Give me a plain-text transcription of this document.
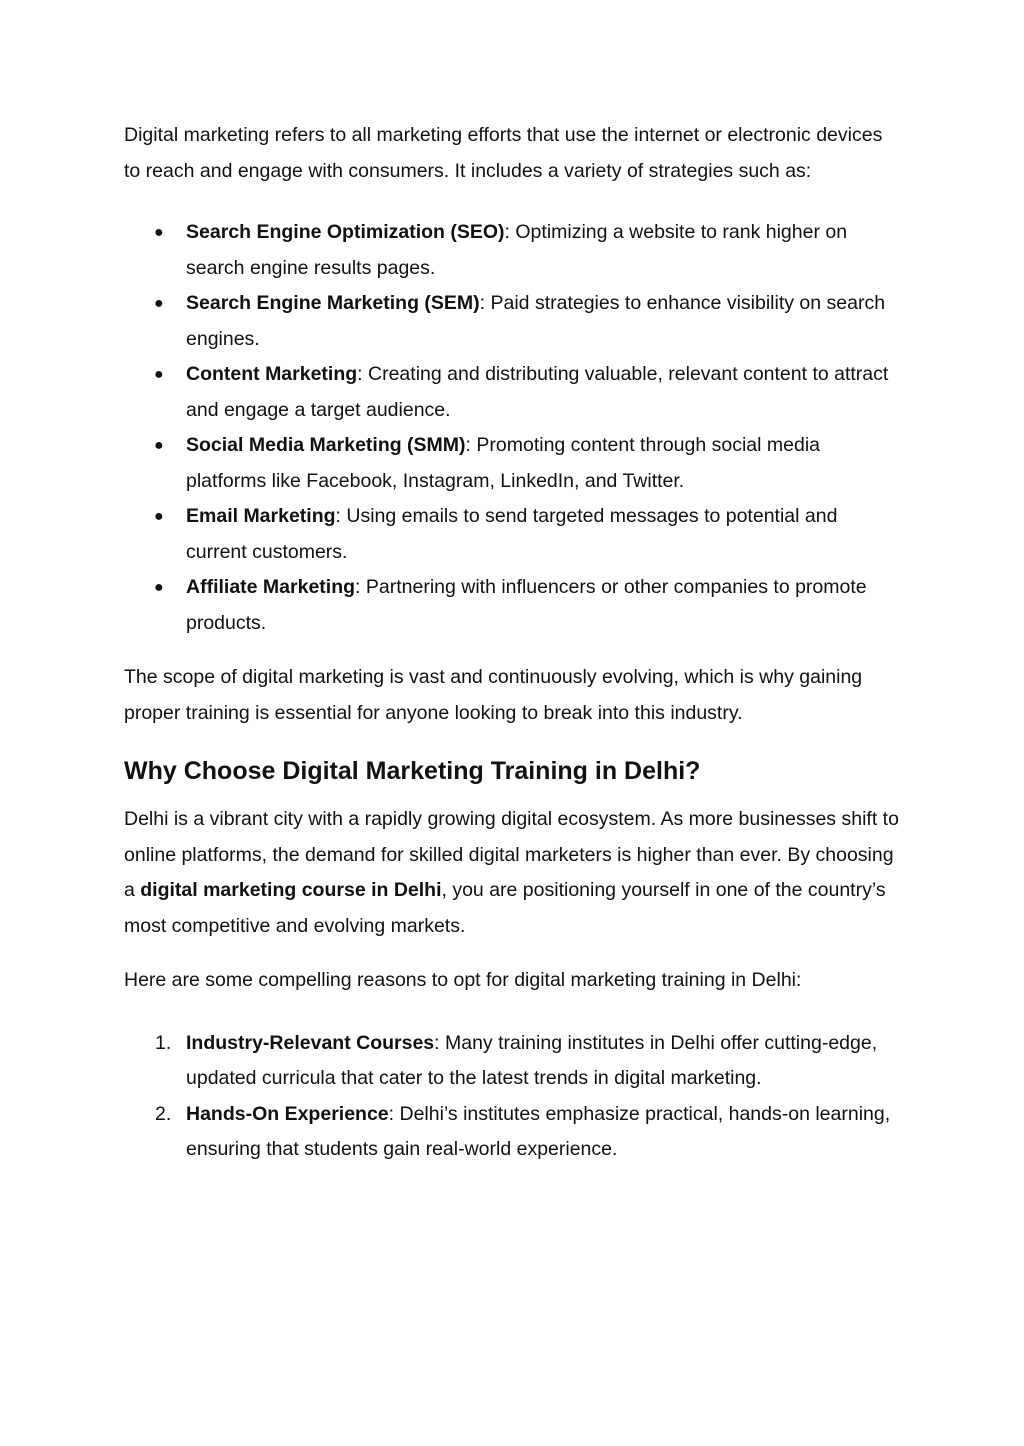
Digital marketing refers to all marketing efforts that use the internet or electronic devices to reach and engage with consumers. It includes a variety of strategies such as:

● Search Engine Optimization (SEO): Optimizing a website to rank higher on search engine results pages.
● Search Engine Marketing (SEM): Paid strategies to enhance visibility on search engines.
● Content Marketing: Creating and distributing valuable, relevant content to attract and engage a target audience.
● Social Media Marketing (SMM): Promoting content through social media platforms like Facebook, Instagram, LinkedIn, and Twitter.
● Email Marketing: Using emails to send targeted messages to potential and current customers.
● Affiliate Marketing: Partnering with influencers or other companies to promote products.

The scope of digital marketing is vast and continuously evolving, which is why gaining proper training is essential for anyone looking to break into this industry.

Why Choose Digital Marketing Training in Delhi?

Delhi is a vibrant city with a rapidly growing digital ecosystem. As more businesses shift to online platforms, the demand for skilled digital marketers is higher than ever. By choosing a digital marketing course in Delhi, you are positioning yourself in one of the country’s most competitive and evolving markets.

Here are some compelling reasons to opt for digital marketing training in Delhi:

1. Industry-Relevant Courses: Many training institutes in Delhi offer cutting-edge, updated curricula that cater to the latest trends in digital marketing.
2. Hands-On Experience: Delhi’s institutes emphasize practical, hands-on learning, ensuring that students gain real-world experience.
